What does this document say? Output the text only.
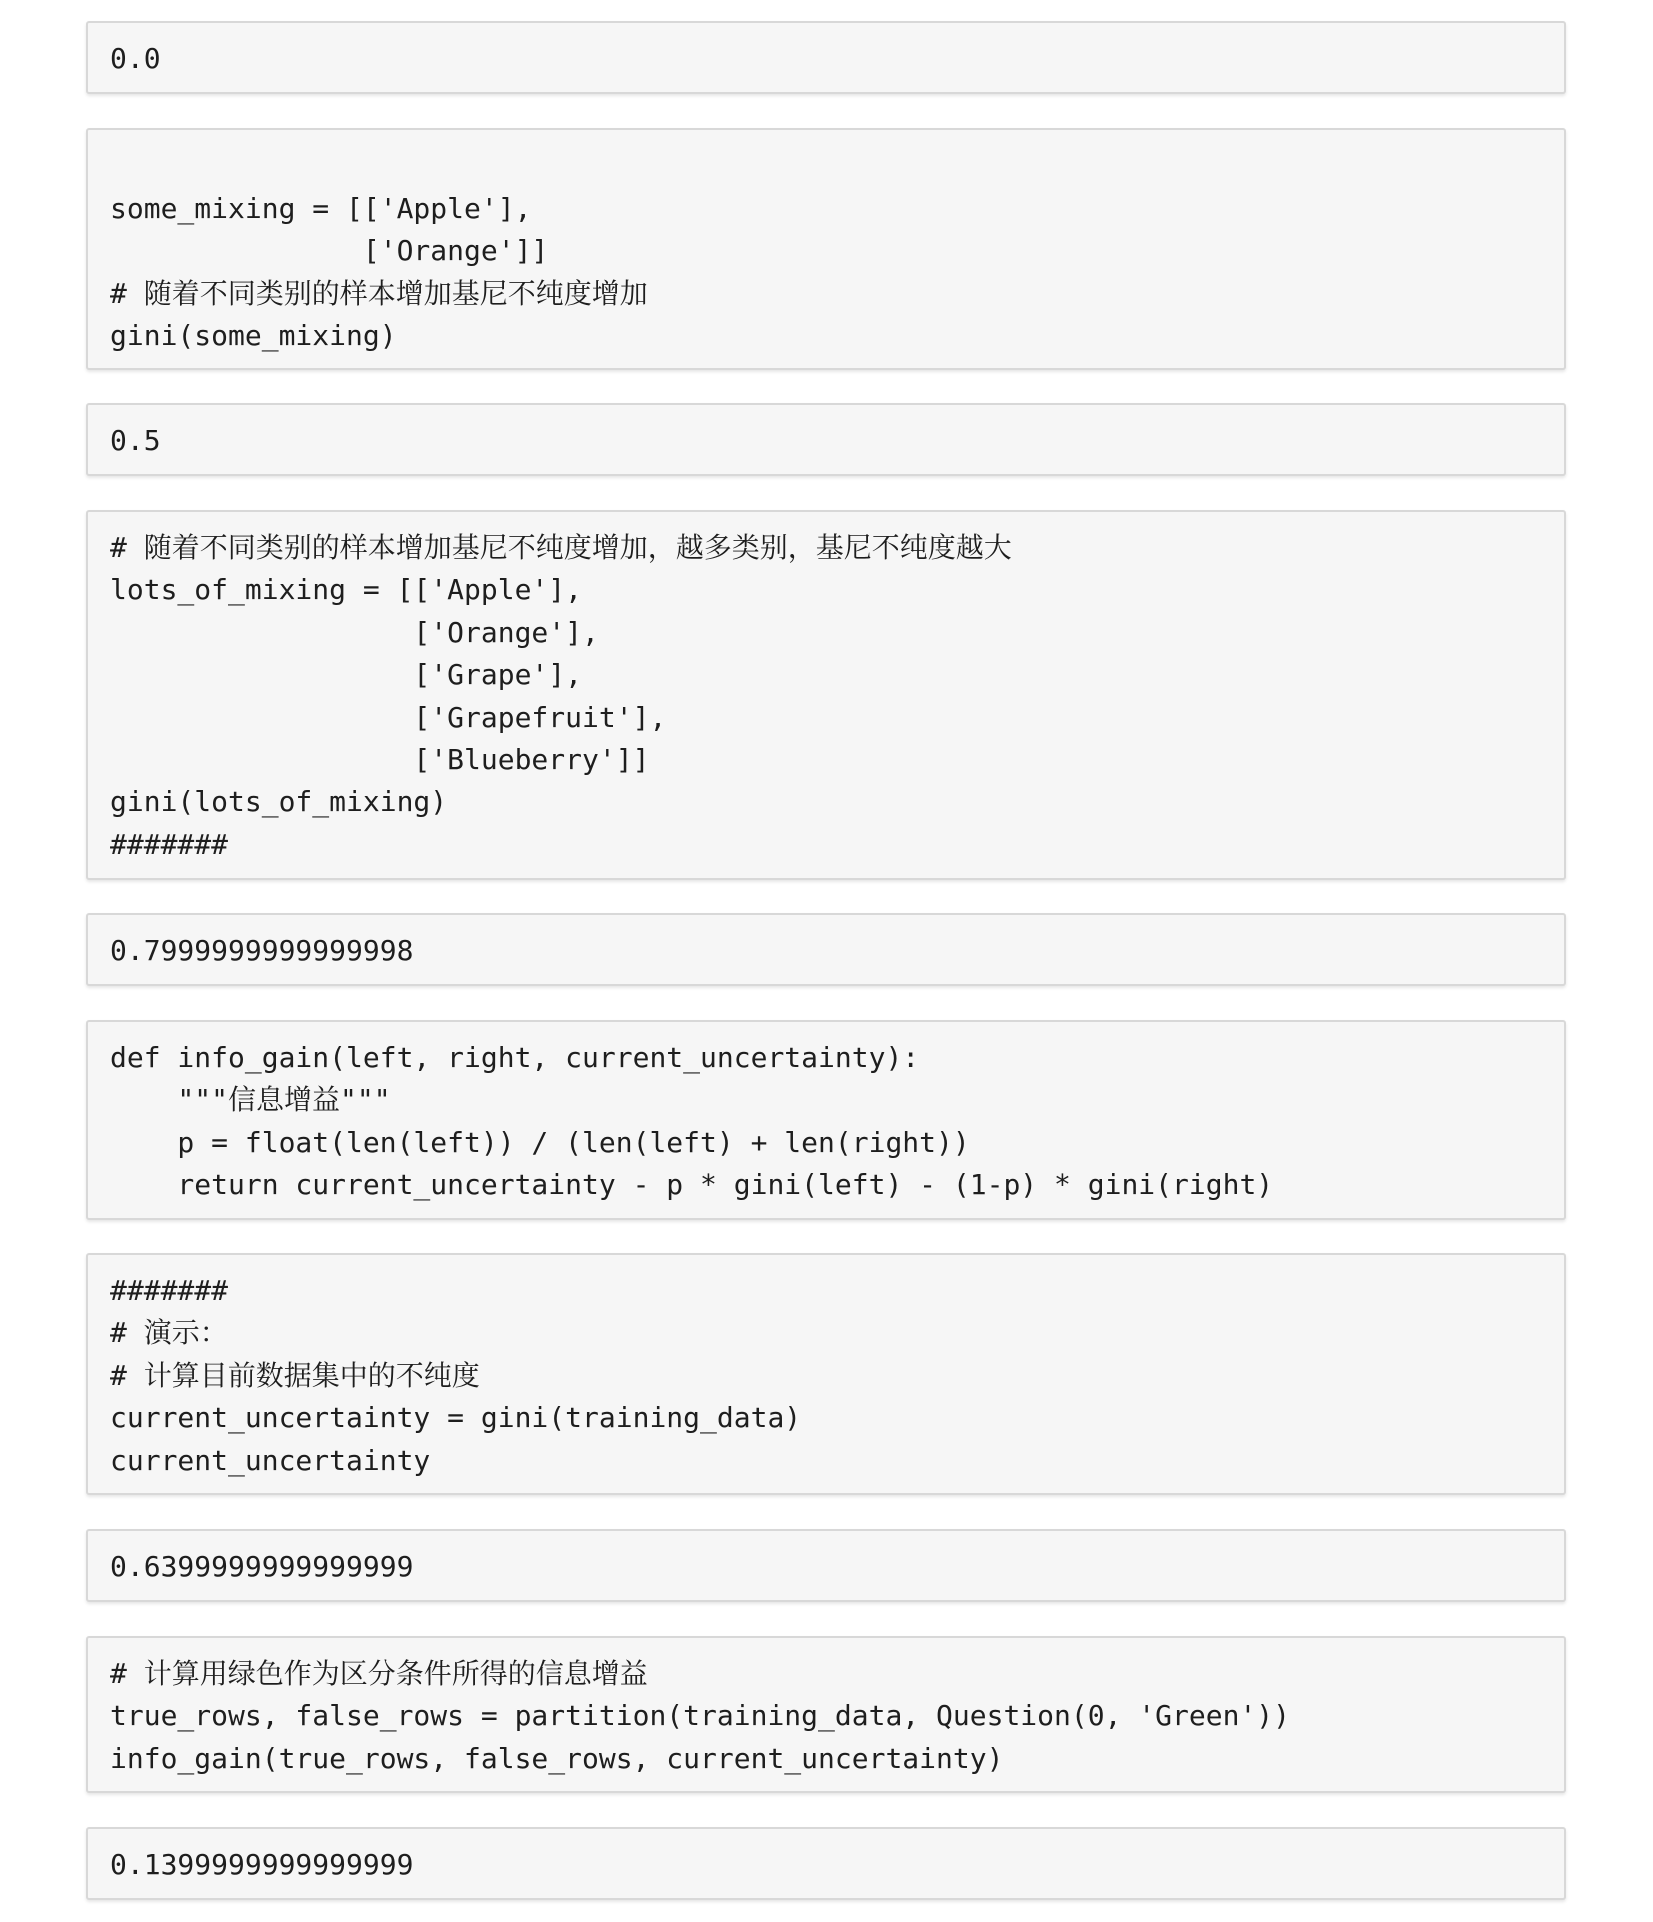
0.0
some_mixing = [['Apple'],
['Orange']]
# 随着不同类别的样本增加基尼不纯度增加
gini(some_mixing)
0.5
# 随着不同类别的样本增加基尼不纯度增加，越多类别，基尼不纯度越大
lots_of_mixing = [['Apple'],
['Orange'],
['Grape'],
['Grapefruit'],
['Blueberry']]
gini(lots_of_mixing)
#######
0.7999999999999998
def info_gain(left, right, current_uncertainty):
"""信息增益"""
p = float(len(left)) / (len(left) + len(right))
return current_uncertainty - p * gini(left) - (1-p) * gini(right)
#######
# 演示：
# 计算目前数据集中的不纯度
current_uncertainty = gini(training_data)
current_uncertainty
0.6399999999999999
# 计算用绿色作为区分条件所得的信息增益
true_rows, false_rows = partition(training_data, Question(0, 'Green'))
info_gain(true_rows, false_rows, current_uncertainty)
0.1399999999999999
